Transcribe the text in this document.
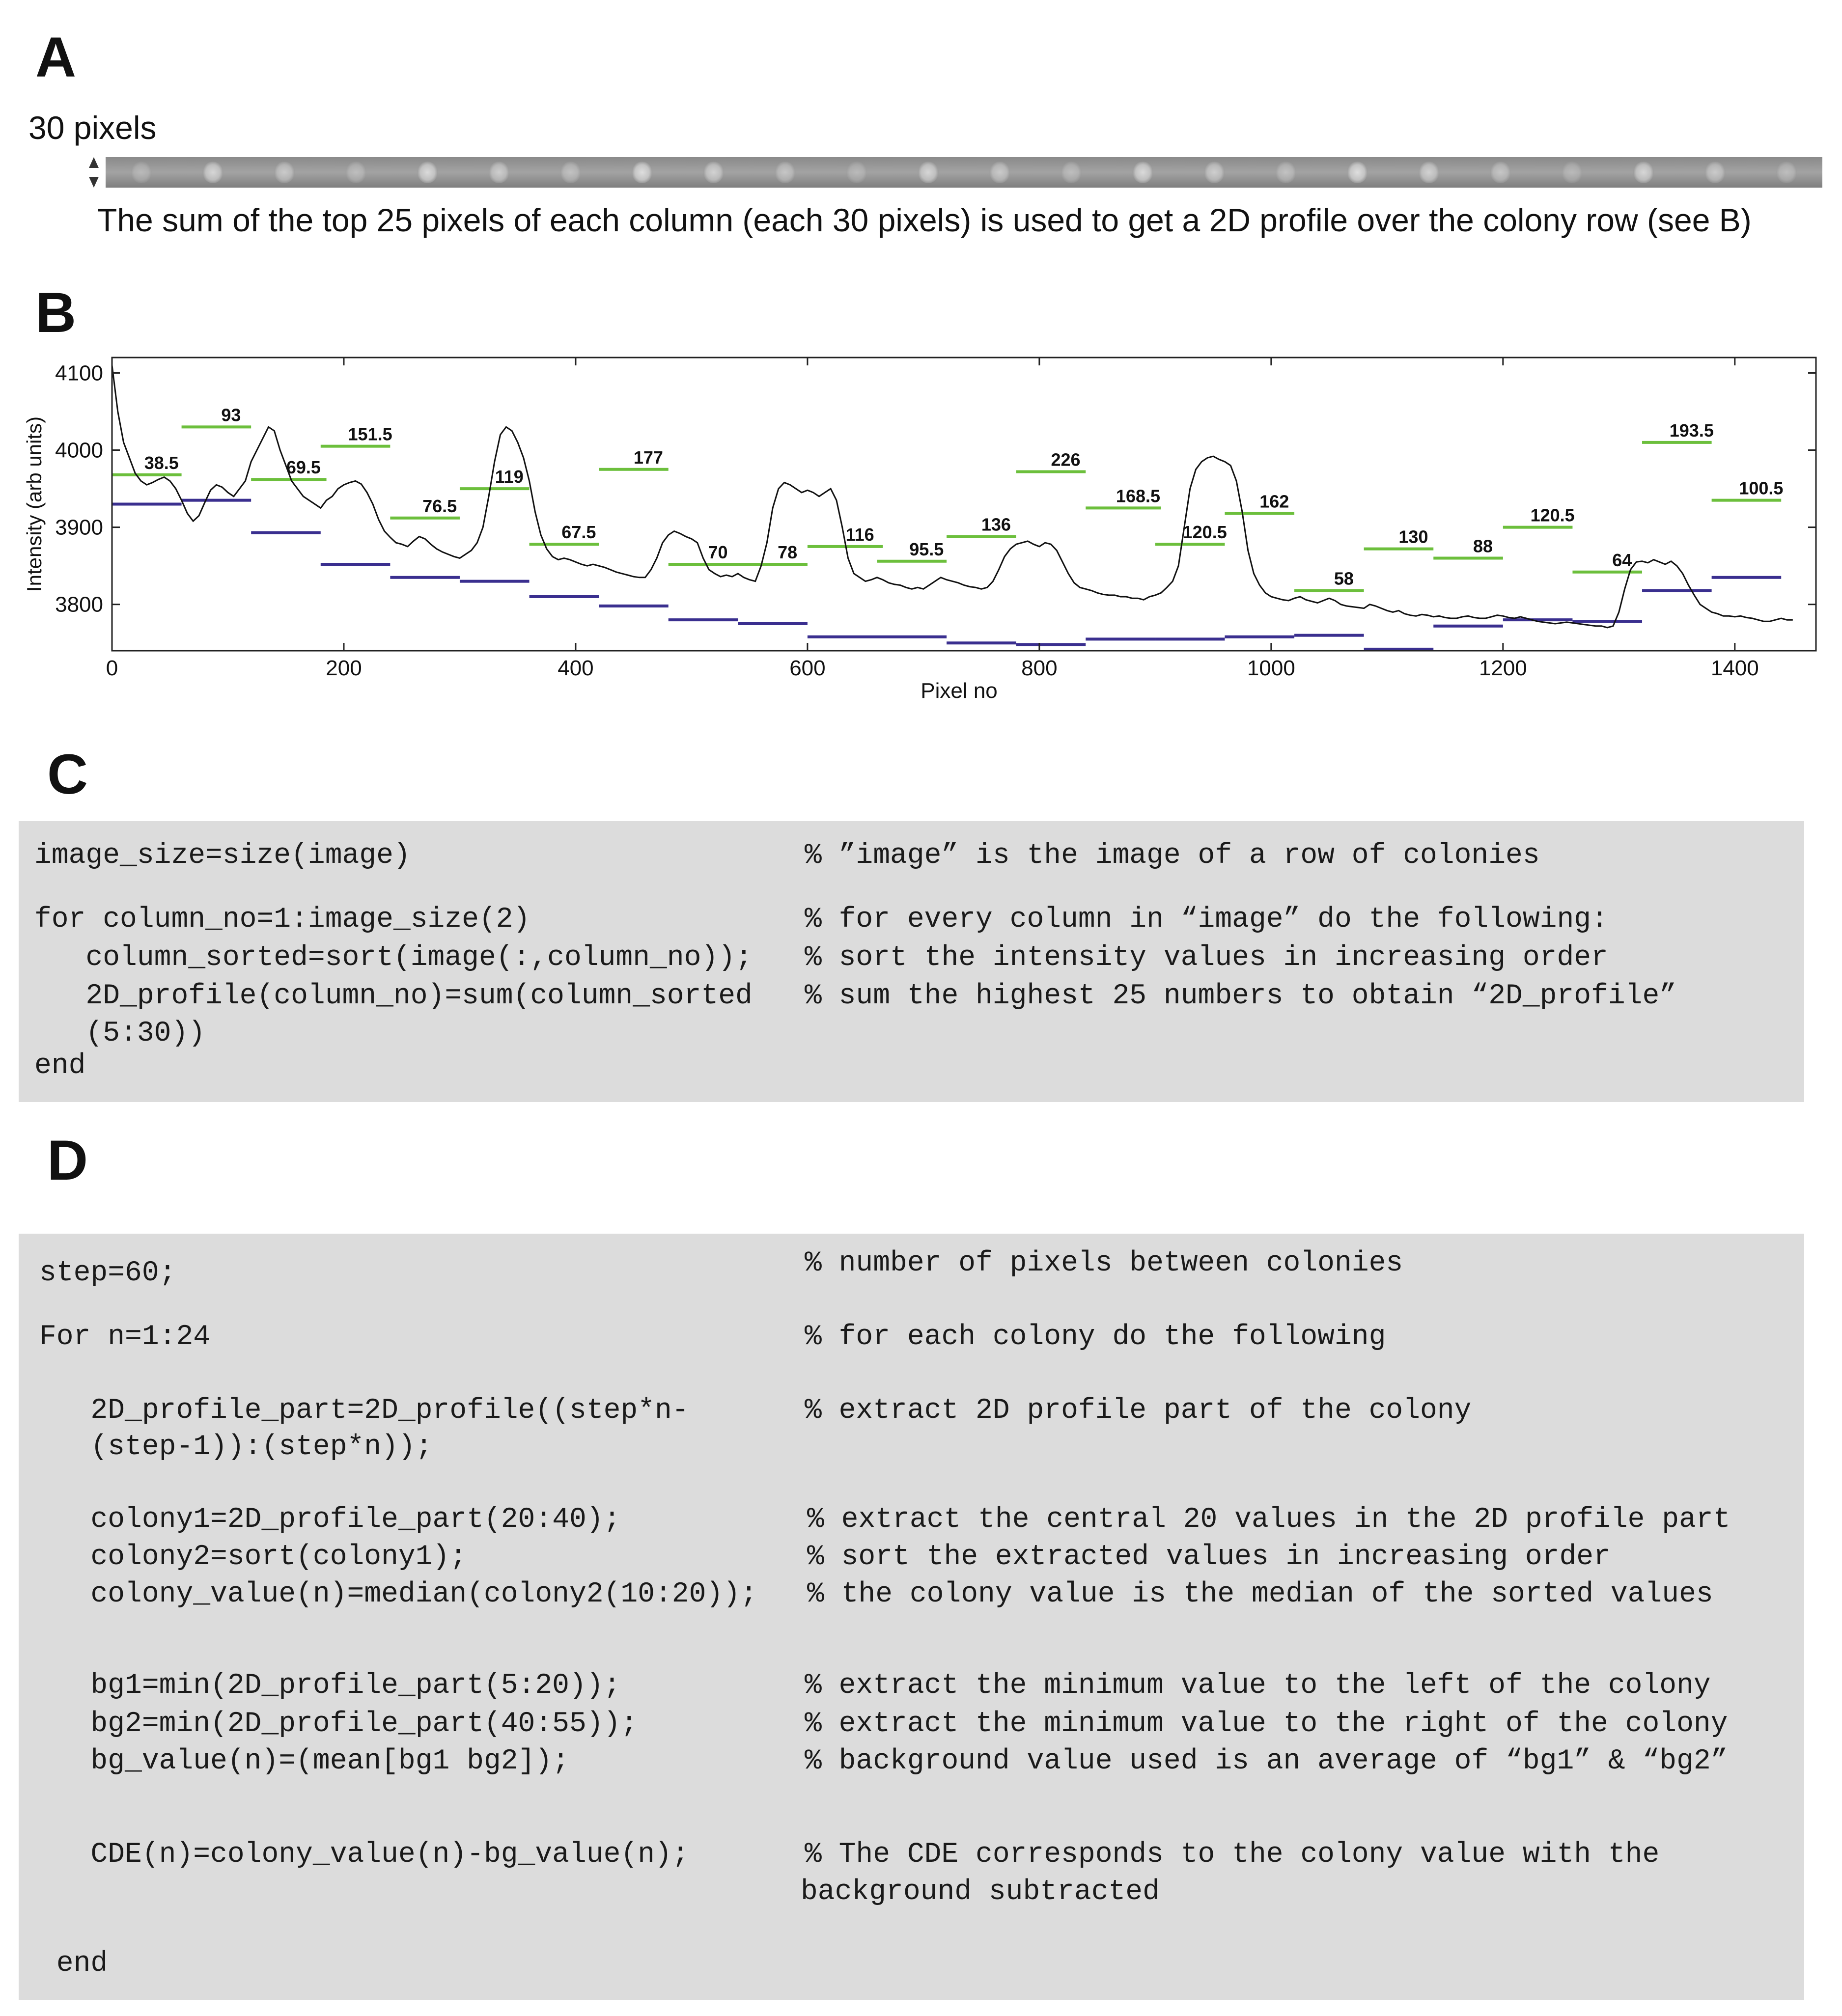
A
30 pixels
The sum of the top 25 pixels of each column (each 30 pixels) is used to get a 2D profile over the colony row (see B)
B
38.5
93
69.5
151.5
76.5
119
67.5
177
70	78
116
95.5
136
226
168.5
120.5
162
58
130	88
120.5
64
193.5
100.5
0	200	400	600	800	1000	1200	1400
3800
3900
4000
4100
Pixel no
Intensity (arb units)
C
image_size=size(image)	% ”image” is the image of a row of colonies
for column_no=1:image_size(2)	% for every column in “image” do the following:
column_sorted=sort(image(:,column_no)); % sort the intensity values in increasing order
2D_profile(column_no)=sum(column_sorted % sum the highest 25 numbers to obtain “2D_profile”
(5:30))
end
D
step=60;	% number of pixels between colonies
For n=1:24	% for each colony do the following
2D_profile_part=2D_profile((step*n-	% extract 2D profile part of the colony
(step-1)):(step*n));
colony1=2D_profile_part(20:40);	% extract the central 20 values in the 2D profile part
colony2=sort(colony1);	% sort the extracted values in increasing order
colony_value(n)=median(colony2(10:20)); % the colony value is the median of the sorted values
bg1=min(2D_profile_part(5:20));	% extract the minimum value to the left of the colony
bg2=min(2D_profile_part(40:55));	% extract the minimum value to the right of the colony
bg_value(n)=(mean[bg1 bg2]);	% background value used is an average of “bg1” & “bg2”
CDE(n)=colony_value(n)-bg_value(n);	% The CDE corresponds to the colony value with the
background subtracted
end
